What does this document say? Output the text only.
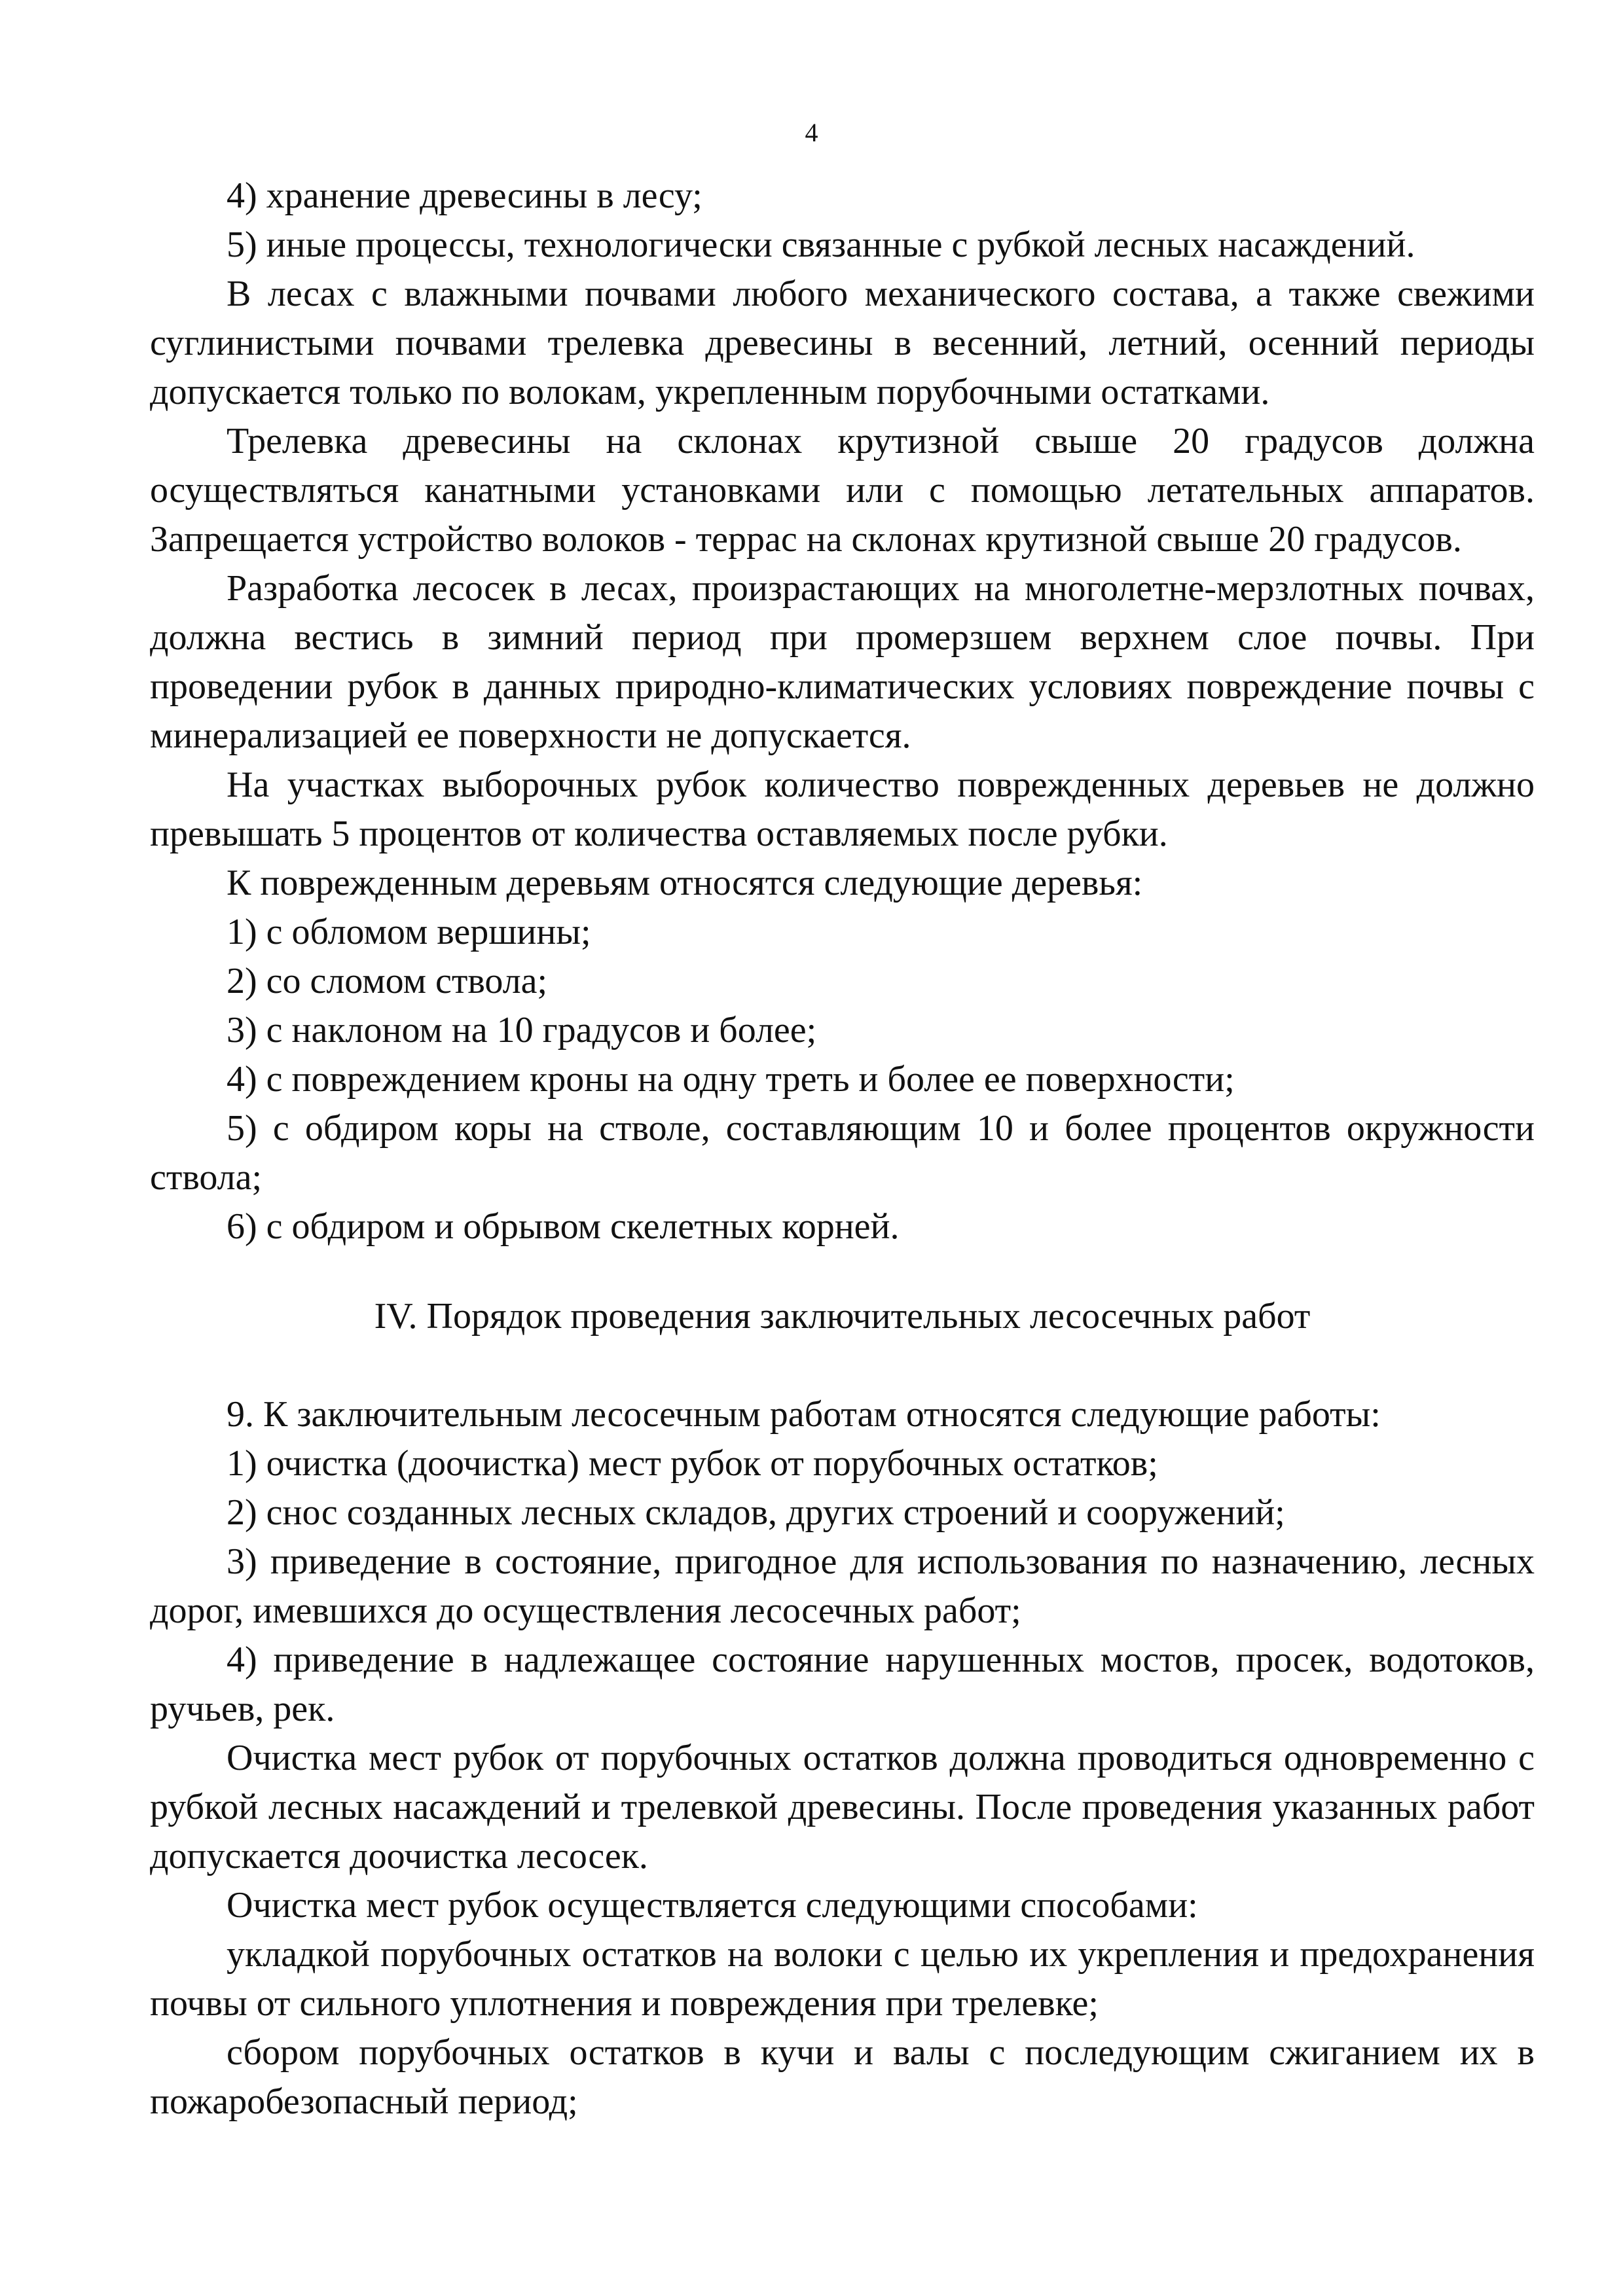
4

4) хранение древесины в лесу;

5) иные процессы, технологически связанные с рубкой лесных насаждений.

В лесах с влажными почвами любого механического состава, а также свежими суглинистыми почвами трелевка древесины в весенний, летний, осенний периоды допускается только по волокам, укрепленным порубочными остатками.

Трелевка древесины на склонах крутизной свыше 20 градусов должна осуществляться канатными установками или с помощью летательных аппаратов. Запрещается устройство волоков - террас на склонах крутизной свыше 20 градусов.

Разработка лесосек в лесах, произрастающих на многолетне-мерзлотных почвах, должна вестись в зимний период при промерзшем верхнем слое почвы. При проведении рубок в данных природно-климатических условиях повреждение почвы с минерализацией ее поверхности не допускается.

На участках выборочных рубок количество поврежденных деревьев не должно превышать 5 процентов от количества оставляемых после рубки.

К поврежденным деревьям относятся следующие деревья:

1) с обломом вершины;

2) со сломом ствола;

3) с наклоном на 10 градусов и более;

4) с повреждением кроны на одну треть и более ее поверхности;

5) с обдиром коры на стволе, составляющим 10 и более процентов окружности ствола;

6) с обдиром и обрывом скелетных корней.

IV. Порядок проведения заключительных лесосечных работ

9. К заключительным лесосечным работам относятся следующие работы:

1) очистка (доочистка) мест рубок от порубочных остатков;

2) снос созданных лесных складов, других строений и сооружений;

3) приведение в состояние, пригодное для использования по назначению, лесных дорог, имевшихся до осуществления лесосечных работ;

4) приведение в надлежащее состояние нарушенных мостов, просек, водотоков, ручьев, рек.

Очистка мест рубок от порубочных остатков должна проводиться одновременно с рубкой лесных насаждений и трелевкой древесины. После проведения указанных работ допускается доочистка лесосек.

Очистка мест рубок осуществляется следующими способами:

укладкой порубочных остатков на волоки с целью их укрепления и предохранения почвы от сильного уплотнения и повреждения при трелевке;

сбором порубочных остатков в кучи и валы с последующим сжиганием их в пожаробезопасный период;
